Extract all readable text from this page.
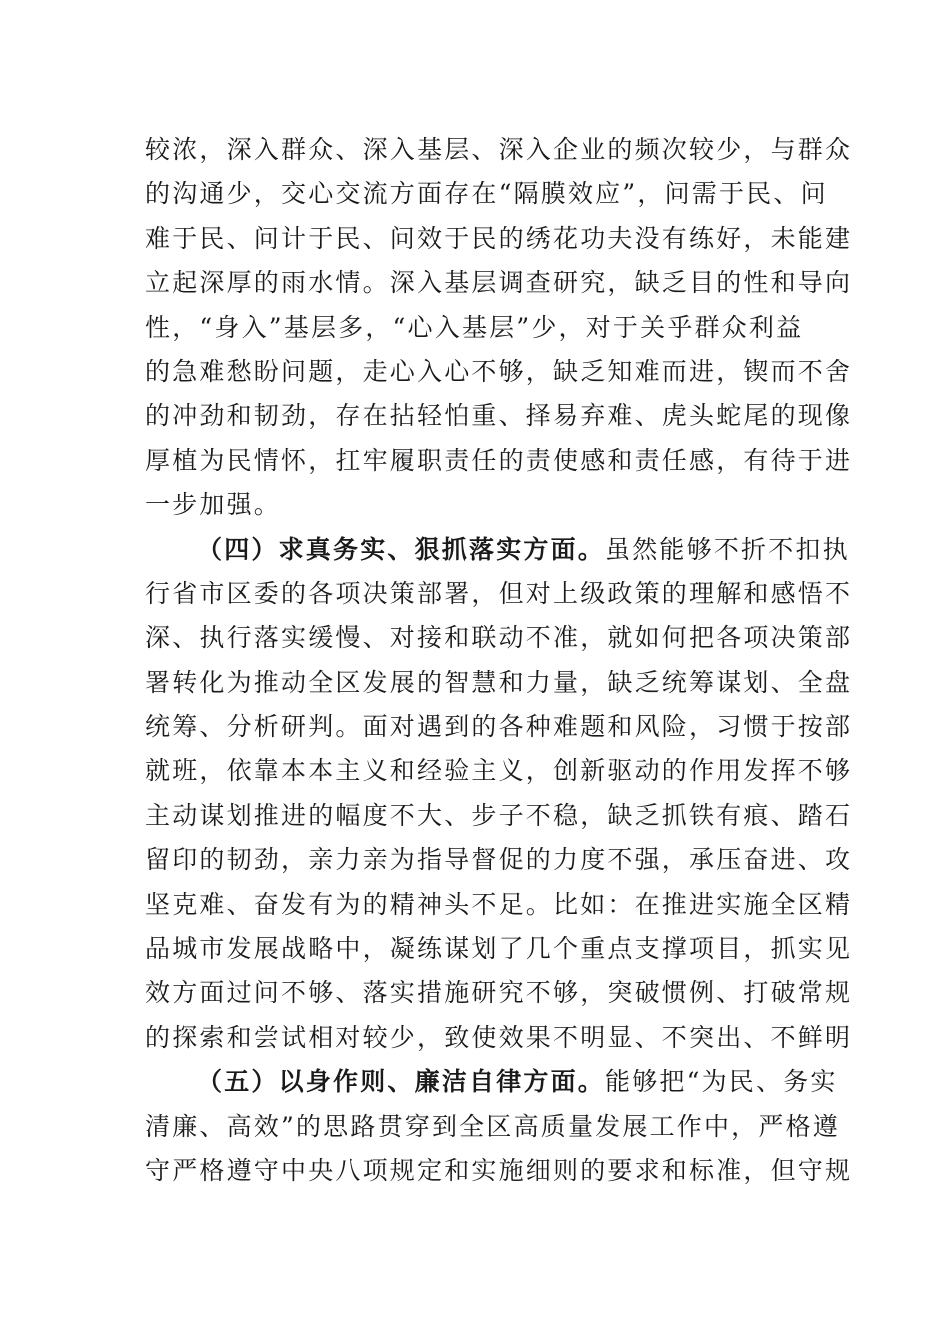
较浓，深入群众、深入基层、深入企业的频次较少，与群众
的沟通少，交心交流方面存在“隔膜效应”，问需于民、问
难于民、问计于民、问效于民的绣花功夫没有练好，未能建
立起深厚的雨水情。深入基层调查研究，缺乏目的性和导向
性，“身入”基层多，“心入基层”少，对于关乎群众利益
的急难愁盼问题，走心入心不够，缺乏知难而进，锲而不舍
的冲劲和韧劲，存在拈轻怕重、择易弃难、虎头蛇尾的现像
厚植为民情怀，扛牢履职责任的责使感和责任感，有待于进
一步加强。
（四）求真务实、狠抓落实方面。虽然能够不折不扣执
行省市区委的各项决策部署，但对上级政策的理解和感悟不
深、执行落实缓慢、对接和联动不准，就如何把各项决策部
署转化为推动全区发展的智慧和力量，缺乏统筹谋划、全盘
统筹、分析研判。面对遇到的各种难题和风险，习惯于按部
就班，依靠本本主义和经验主义，创新驱动的作用发挥不够
主动谋划推进的幅度不大、步子不稳，缺乏抓铁有痕、踏石
留印的韧劲，亲力亲为指导督促的力度不强，承压奋进、攻
坚克难、奋发有为的精神头不足。比如：在推进实施全区精
品城市发展战略中，凝练谋划了几个重点支撑项目，抓实见
效方面过问不够、落实措施研究不够，突破惯例、打破常规
的探索和尝试相对较少，致使效果不明显、不突出、不鲜明
（五）以身作则、廉洁自律方面。能够把“为民、务实
清廉、高效”的思路贯穿到全区高质量发展工作中，严格遵
守严格遵守中央八项规定和实施细则的要求和标准，但守规
